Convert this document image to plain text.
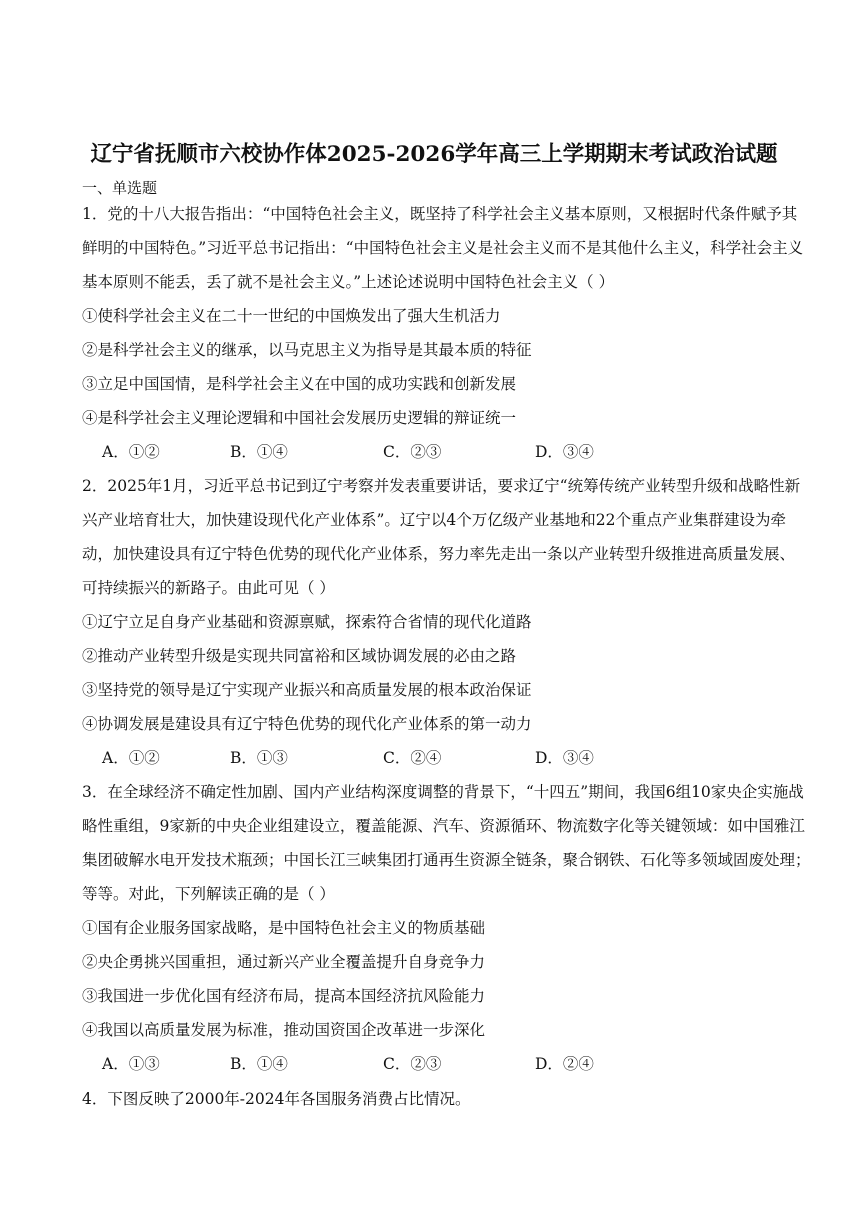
辽宁省抚顺市六校协作体2025-2026学年高三上学期期末考试政治试题
一、单选题
1．党的十八大报告指出：“中国特色社会主义，既坚持了科学社会主义基本原则，又根据时代条件赋予其
鲜明的中国特色。”习近平总书记指出：“中国特色社会主义是社会主义而不是其他什么主义，科学社会主义
基本原则不能丢，丢了就不是社会主义。”上述论述说明中国特色社会主义（ ）
①使科学社会主义在二十一世纪的中国焕发出了强大生机活力
②是科学社会主义的继承，以马克思主义为指导是其最本质的特征
③立足中国国情，是科学社会主义在中国的成功实践和创新发展
④是科学社会主义理论逻辑和中国社会发展历史逻辑的辩证统一
A．①②	B．①④	C．②③	D．③④
2．2025年1月，习近平总书记到辽宁考察并发表重要讲话，要求辽宁“统筹传统产业转型升级和战略性新
兴产业培育壮大，加快建设现代化产业体系”。辽宁以4个万亿级产业基地和22个重点产业集群建设为牵
动，加快建设具有辽宁特色优势的现代化产业体系，努力率先走出一条以产业转型升级推进高质量发展、
可持续振兴的新路子。由此可见（ ）
①辽宁立足自身产业基础和资源禀赋，探索符合省情的现代化道路
②推动产业转型升级是实现共同富裕和区域协调发展的必由之路
③坚持党的领导是辽宁实现产业振兴和高质量发展的根本政治保证
④协调发展是建设具有辽宁特色优势的现代化产业体系的第一动力
A．①②	B．①③	C．②④	D．③④
3．在全球经济不确定性加剧、国内产业结构深度调整的背景下，“十四五”期间，我国6组10家央企实施战
略性重组，9家新的中央企业组建设立，覆盖能源、汽车、资源循环、物流数字化等关键领域：如中国雅江
集团破解水电开发技术瓶颈；中国长江三峡集团打通再生资源全链条，聚合钢铁、石化等多领域固废处理；
等等。对此，下列解读正确的是（ ）
①国有企业服务国家战略，是中国特色社会主义的物质基础
②央企勇挑兴国重担，通过新兴产业全覆盖提升自身竞争力
③我国进一步优化国有经济布局，提高本国经济抗风险能力
④我国以高质量发展为标准，推动国资国企改革进一步深化
A．①③	B．①④	C．②③	D．②④
4．下图反映了2000年-2024年各国服务消费占比情况。
